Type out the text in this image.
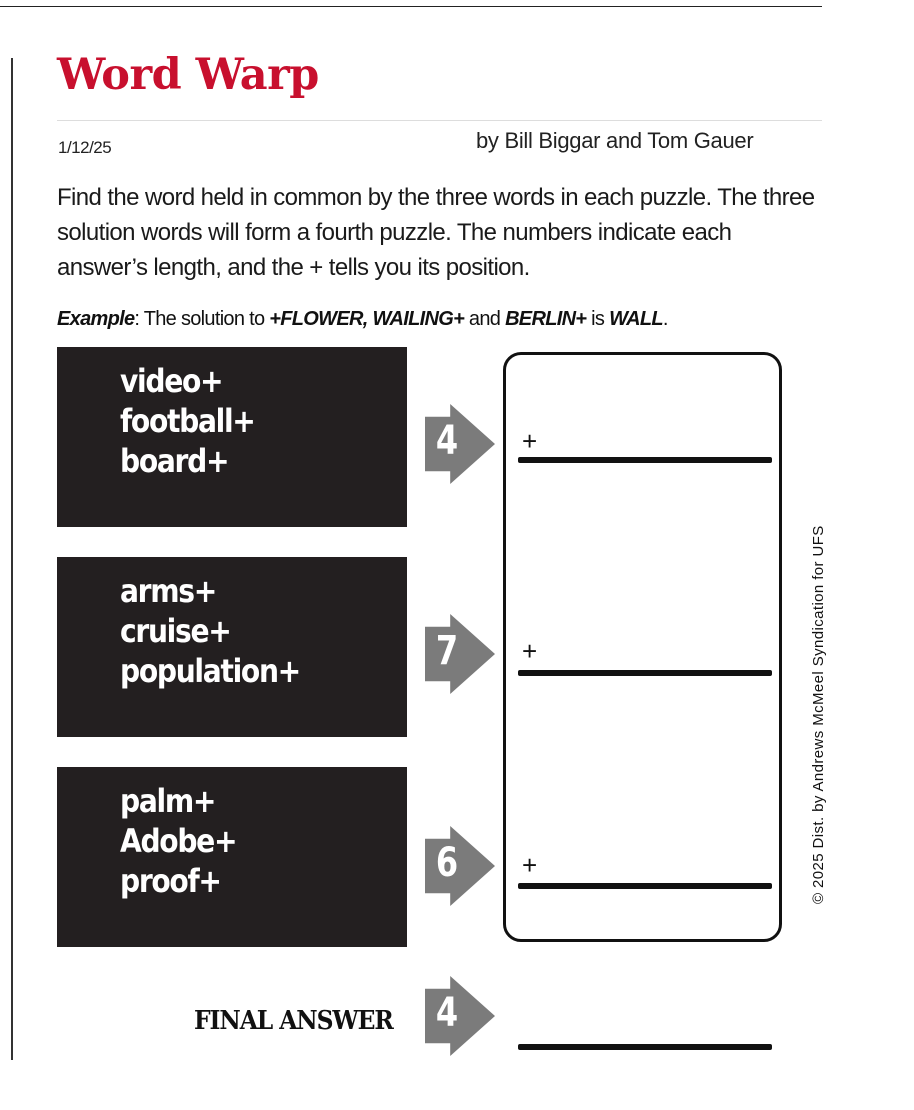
Word Warp
1/12/25	by Bill Biggar and Tom Gauer

Find the word held in common by the three words in each puzzle. The three solution words will form a fourth puzzle. The numbers indicate each answer’s length, and the + tells you its position.

Example: The solution to +FLOWER, WAILING+ and BERLIN+ is WALL.

video+
football+
board+
arms+
cruise+
population+
palm+
Adobe+
proof+
4
7
6
+
+
+
FINAL ANSWER 4
© 2025 Dist. by Andrews McMeel Syndication for UFS
